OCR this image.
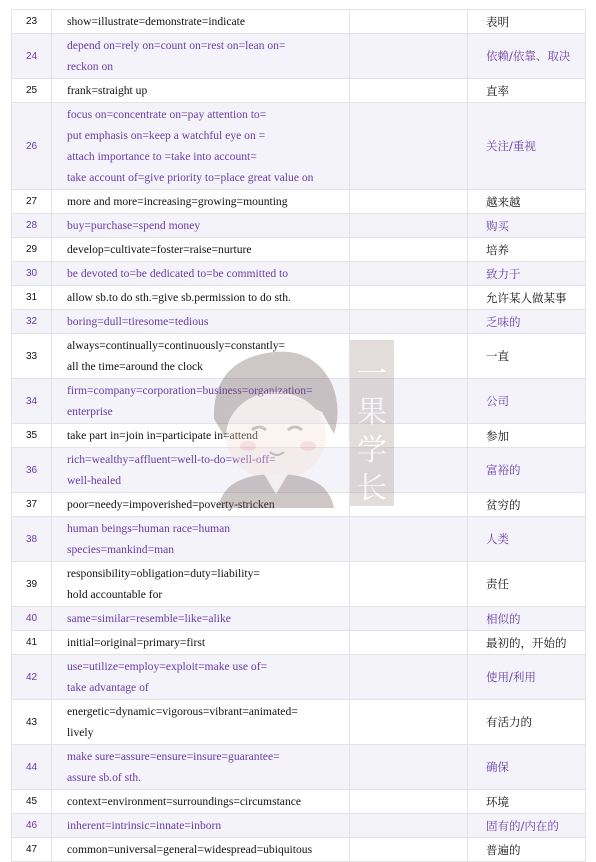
23	show=illustrate=demonstrate=indicate		表明
24	depend on=rely on=count on=rest on=lean on=
reckon on		依赖/依靠、取决
25	frank=straight up		直率
26	focus on=concentrate on=pay attention to=
put emphasis on=keep a watchful eye on =
attach importance to =take into account=
take account of=give priority to=place great value on		关注/重视
27	more and more=increasing=growing=mounting		越来越
28	buy=purchase=spend money		购买
29	develop=cultivate=foster=raise=nurture		培养
30	be devoted to=be dedicated to=be committed to		致力于
31	allow sb.to do sth.=give sb.permission to do sth.		允许某人做某事
32	boring=dull=tiresome=tedious		乏味的
33	always=continually=continuously=constantly=
all the time=around the clock		一直
34	firm=company=corporation=business=organization=
enterprise		公司
35	take part in=join in=participate in=attend		参加
36	rich=wealthy=affluent=well-to-do=well-off=
well-healed		富裕的
37	poor=needy=impoverished=poverty-stricken		贫穷的
38	human beings=human race=human
species=mankind=man		人类
39	responsibility=obligation=duty=liability=
hold accountable for		责任
40	same=similar=resemble=like=alike		相似的
41	initial=original=primary=first		最初的，开始的
42	use=utilize=employ=exploit=make use of=
take advantage of		使用/利用
43	energetic=dynamic=vigorous=vibrant=animated=
lively		有活力的
44	make sure=assure=ensure=insure=guarantee=
assure sb.of sth.		确保
45	context=environment=surroundings=circumstance		环境
46	inherent=intrinsic=innate=inborn		固有的/内在的
47	common=universal=general=widespread=ubiquitous		普遍的
一
果
学
长
